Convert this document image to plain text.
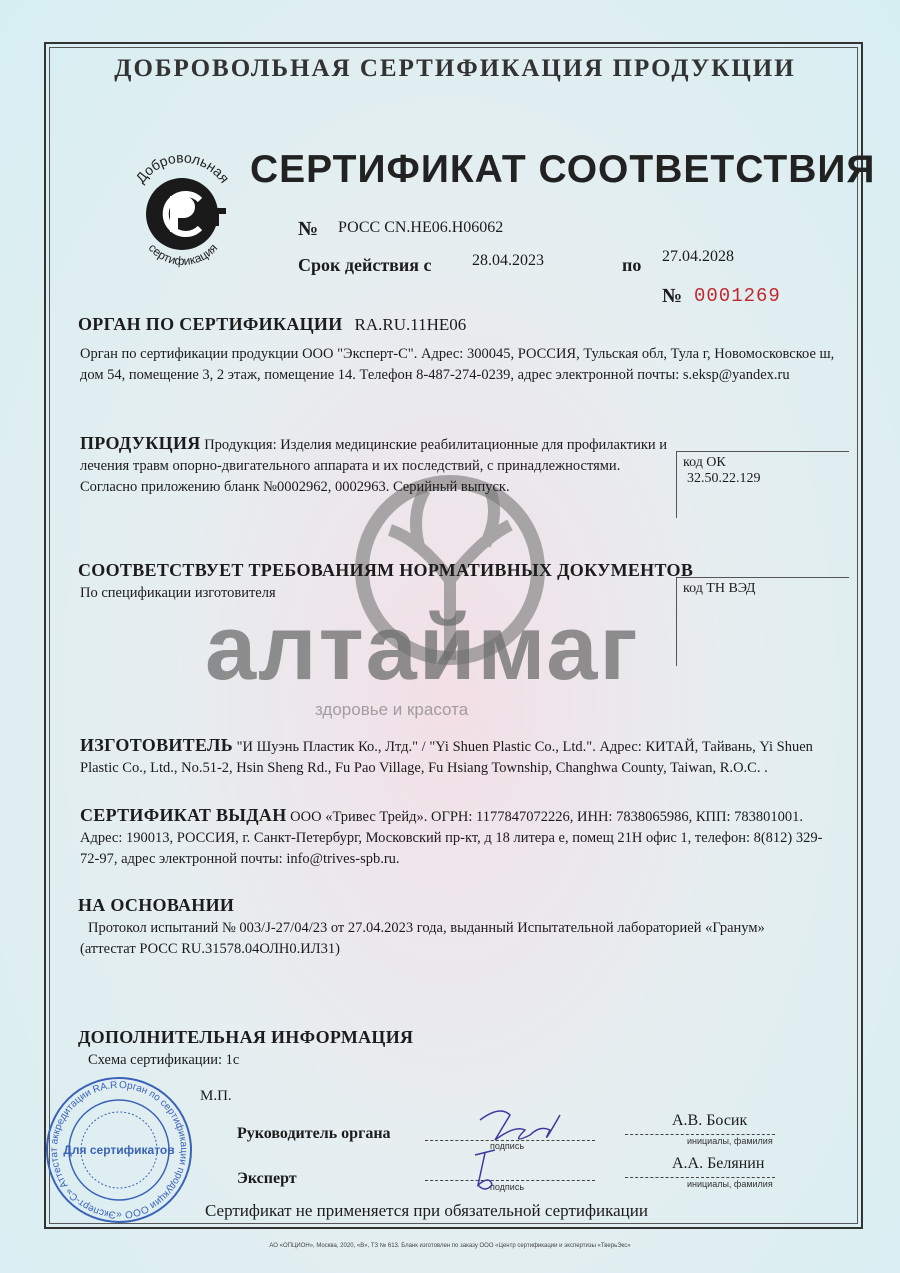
алтаймаг
здоровье и красота
ДОБРОВОЛЬНАЯ СЕРТИФИКАЦИЯ ПРОДУКЦИИ
Добровольная
сертификация
СЕРТИФИКАТ СООТВЕТСТВИЯ
№ РОСС CN.HE06.H06062
Срок действия с	28.04.2023	по 27.04.2028
№ 0001269
ОРГАН ПО СЕРТИФИКАЦИИ RA.RU.11HE06
Орган по сертификации продукции ООО "Эксперт-С". Адрес: 300045, РОССИЯ, Тульская обл, Тула г, Новомосковское ш, дом 54, помещение 3, 2 этаж, помещение 14. Телефон 8-487-274-0239, адрес электронной почты: s.eksp@yandex.ru
ПРОДУКЦИЯ Продукция: Изделия медицинские реабилитационные для профилактики и лечения травм опорно-двигательного аппарата и их последствий, с принадлежностями. Согласно приложению бланк №0002962, 0002963. Серийный выпуск.
код ОК
32.50.22.129
СООТВЕТСТВУЕТ ТРЕБОВАНИЯМ НОРМАТИВНЫХ ДОКУМЕНТОВ
По спецификации изготовителя	код ТН ВЭД
ИЗГОТОВИТЕЛЬ "И Шуэнь Пластик Ко., Лтд." / "Yi Shuen Plastic Co., Ltd.". Адрес: КИТАЙ, Тайвань, Yi Shuen Plastic Co., Ltd., No.51-2, Hsin Sheng Rd., Fu Pao Village, Fu Hsiang Township, Changhwa County, Taiwan, R.O.C. .
СЕРТИФИКАТ ВЫДАН ООО «Тривес Трейд». ОГРН: 1177847072226, ИНН: 7838065986, КПП: 783801001. Адрес: 190013, РОССИЯ, г. Санкт-Петербург, Московский пр-кт, д 18 литера е, помещ 21Н офис 1, телефон: 8(812) 329-72-97, адрес электронной почты: info@trives-spb.ru.
НА ОСНОВАНИИ
Протокол испытаний № 003/J-27/04/23 от 27.04.2023 года, выданный Испытательной лабораторией «Гранум» (аттестат РОСС RU.31578.04ОЛН0.ИЛ31)
ДОПОЛНИТЕЛЬНАЯ ИНФОРМАЦИЯ
Схема сертификации: 1с
Орган по сертификации продукции ООО «Эксперт-С» Аттестат аккредитации RA.R
Для сертификатов
М.П.
Руководитель органа
подпись
А.В. Босик
инициалы, фамилия
Эксперт	подпись
А.А. Белянин
инициалы, фамилия
Сертификат не применяется при обязательной сертификации
АО «ОПЦИОН», Москва, 2020, «В», ТЗ № 613. Бланк изготовлен по заказу ООО «Центр сертификации и экспертизы «ТверьЭкс»
